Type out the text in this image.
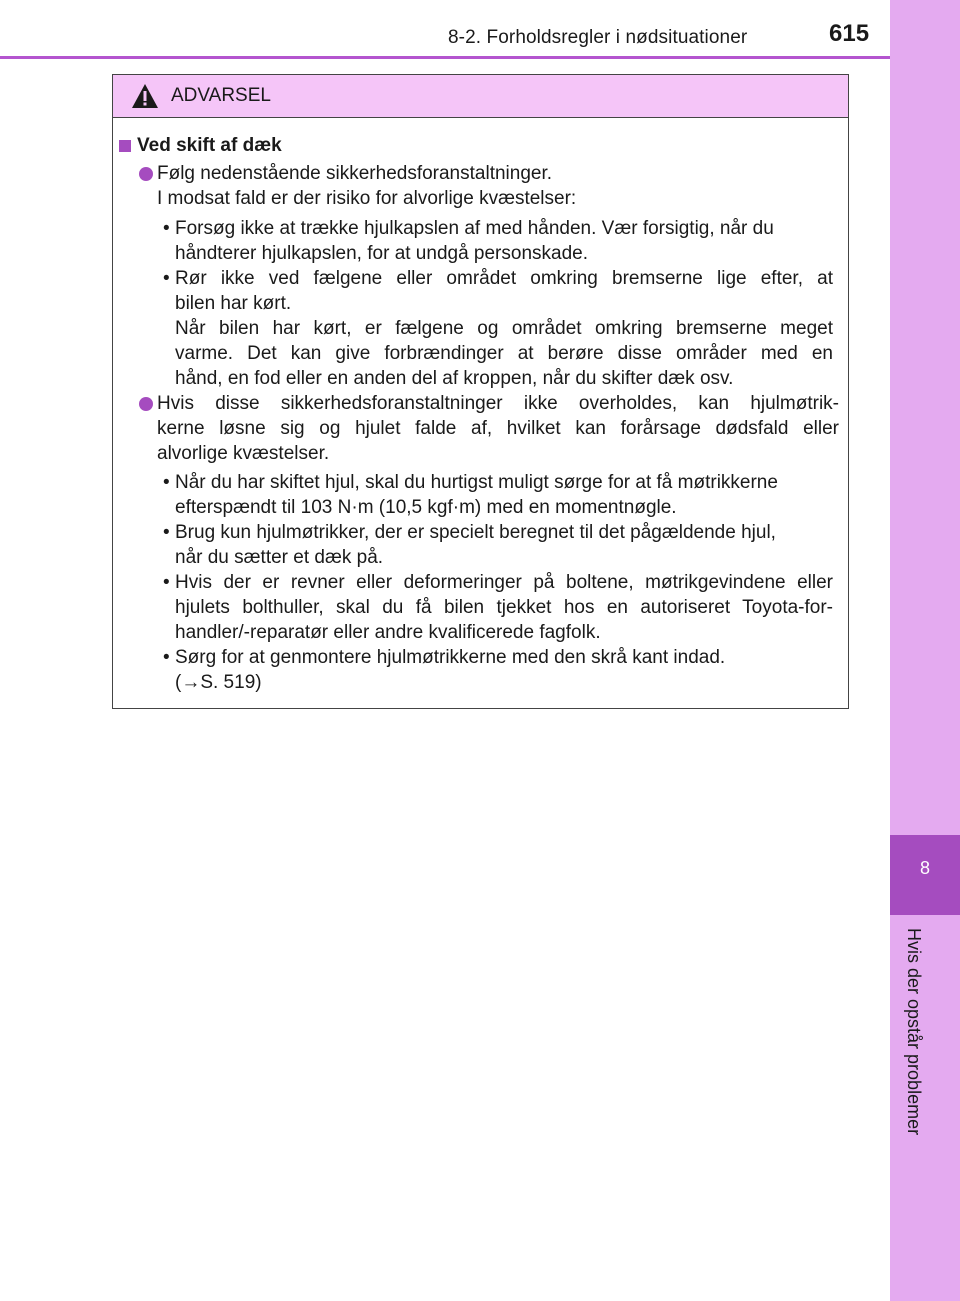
8-2. Forholdsregler i nødsituationer	615
8
Hvis der opstår problemer
ADVARSEL
Ved skift af dæk
Følg nedenstående sikkerhedsforanstaltninger.
I modsat fald er der risiko for alvorlige kvæstelser:
• Forsøg ikke at trække hjulkapslen af med hånden. Vær forsigtig, når du
håndterer hjulkapslen, for at undgå personskade.
• Rør ikke ved fælgene eller området omkring bremserne lige efter, at
bilen har kørt.
Når bilen har kørt, er fælgene og området omkring bremserne meget
varme. Det kan give forbrændinger at berøre disse områder med en
hånd, en fod eller en anden del af kroppen, når du skifter dæk osv.
Hvis disse sikkerhedsforanstaltninger ikke overholdes, kan hjulmøtrik-
kerne løsne sig og hjulet falde af, hvilket kan forårsage dødsfald eller
alvorlige kvæstelser.
• Når du har skiftet hjul, skal du hurtigst muligt sørge for at få møtrikkerne
efterspændt til 103 N·m (10,5 kgf·m) med en momentnøgle.
• Brug kun hjulmøtrikker, der er specielt beregnet til det pågældende hjul,
når du sætter et dæk på.
• Hvis der er revner eller deformeringer på boltene, møtrikgevindene eller
hjulets bolthuller, skal du få bilen tjekket hos en autoriseret Toyota-for-
handler/-reparatør eller andre kvalificerede fagfolk.
• Sørg for at genmontere hjulmøtrikkerne med den skrå kant indad.
(→S. 519)
